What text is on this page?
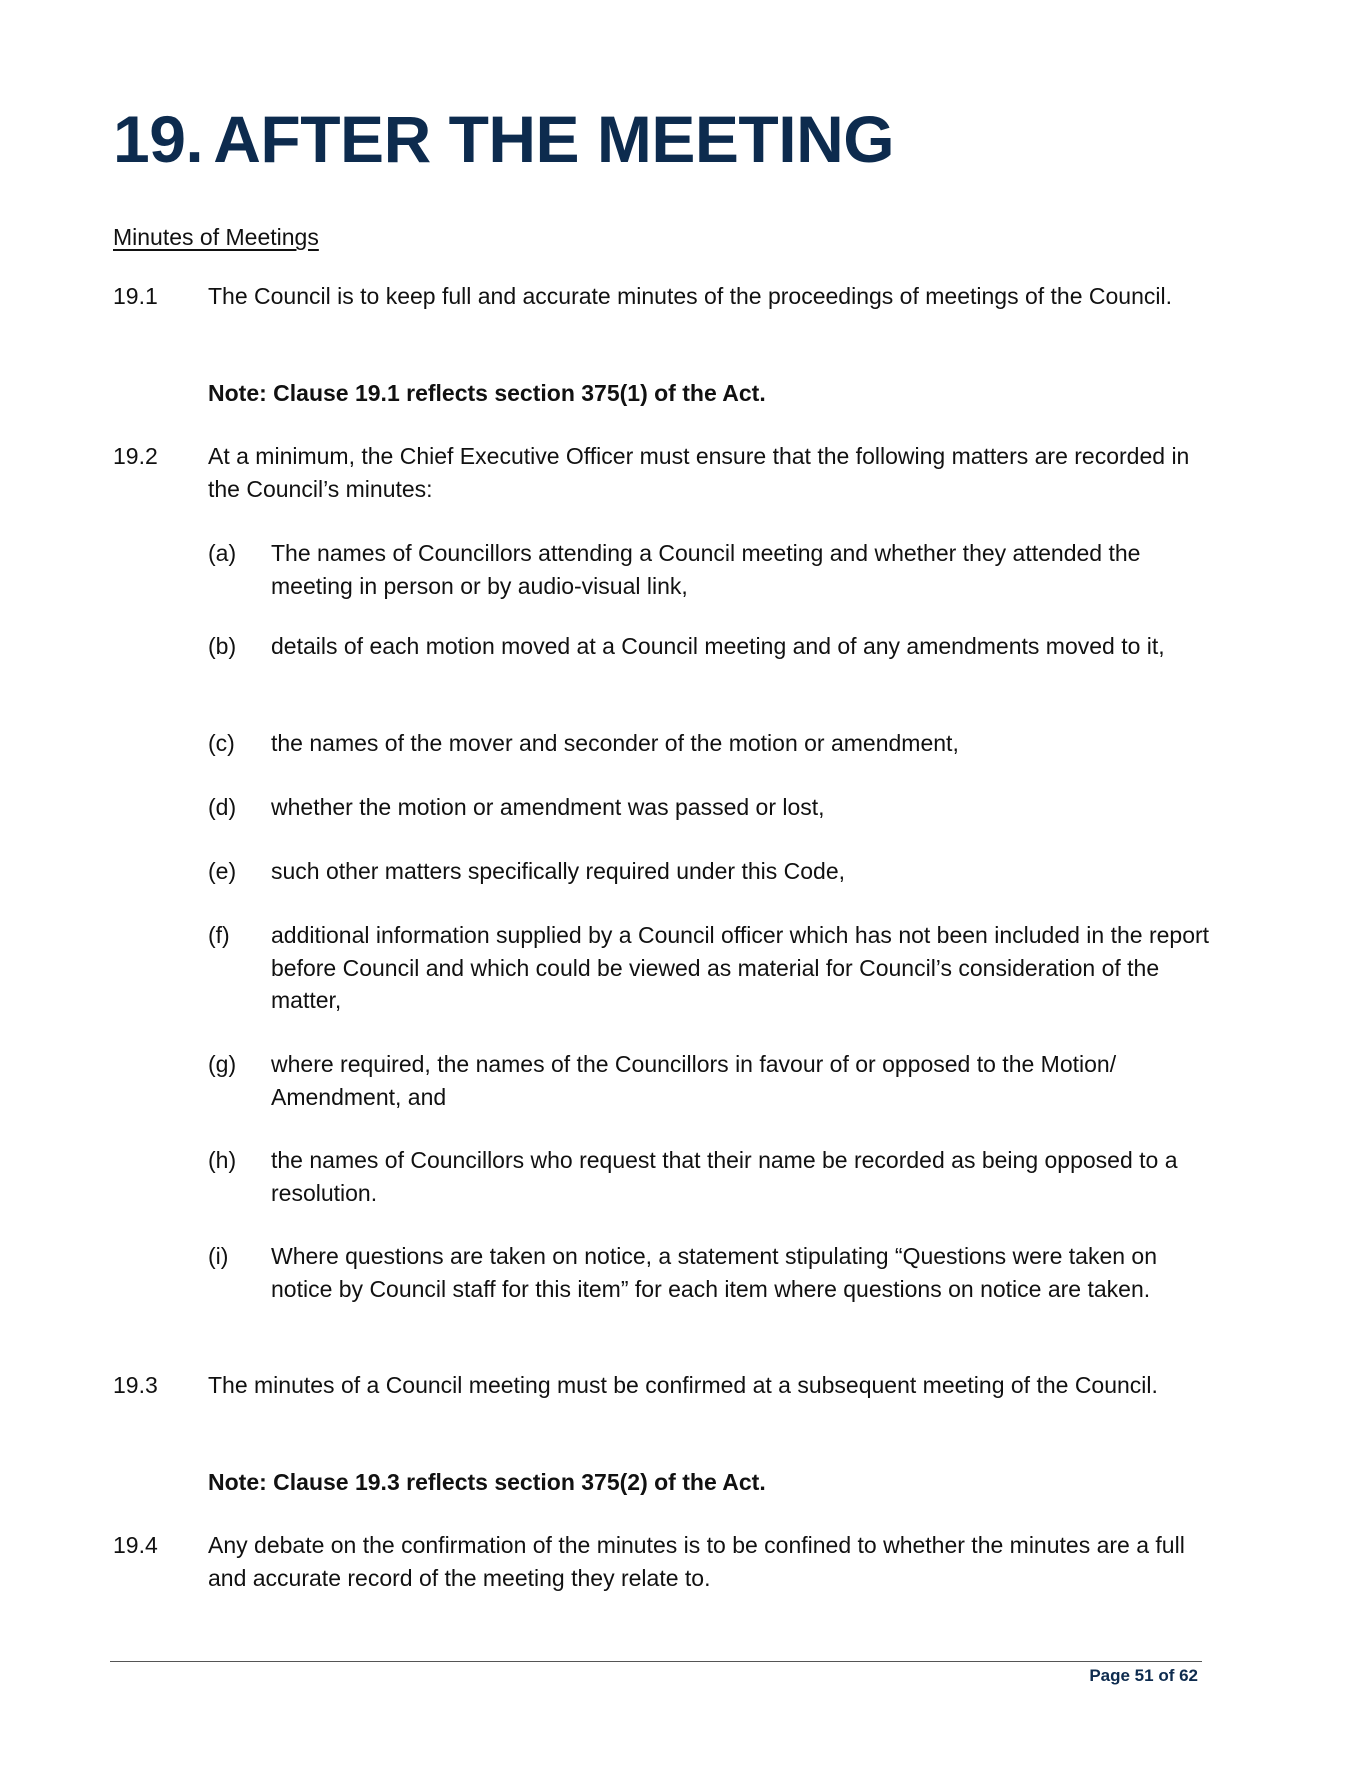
19. AFTER THE MEETING
Minutes of Meetings
19.1	The Council is to keep full and accurate minutes of the proceedings of meetings of the Council.
Note: Clause 19.1 reflects section 375(1) of the Act.
19.2	At a minimum, the Chief Executive Officer must ensure that the following matters are recorded in the Council’s minutes:
(a)	The names of Councillors attending a Council meeting and whether they attended the meeting in person or by audio-visual link,
(b)	details of each motion moved at a Council meeting and of any amendments moved to it,
(c)	the names of the mover and seconder of the motion or amendment,
(d)	whether the motion or amendment was passed or lost,
(e)	such other matters specifically required under this Code,
(f)	additional information supplied by a Council officer which has not been included in the report before Council and which could be viewed as material for Council’s consideration of the matter,
(g)	where required, the names of the Councillors in favour of or opposed to the Motion/ Amendment, and
(h)	the names of Councillors who request that their name be recorded as being opposed to a resolution.
(i)	Where questions are taken on notice, a statement stipulating “Questions were taken on notice by Council staff for this item” for each item where questions on notice are taken.
19.3	The minutes of a Council meeting must be confirmed at a subsequent meeting of the Council.
Note: Clause 19.3 reflects section 375(2) of the Act.
19.4	Any debate on the confirmation of the minutes is to be confined to whether the minutes are a full and accurate record of the meeting they relate to.
Page 51 of 62
